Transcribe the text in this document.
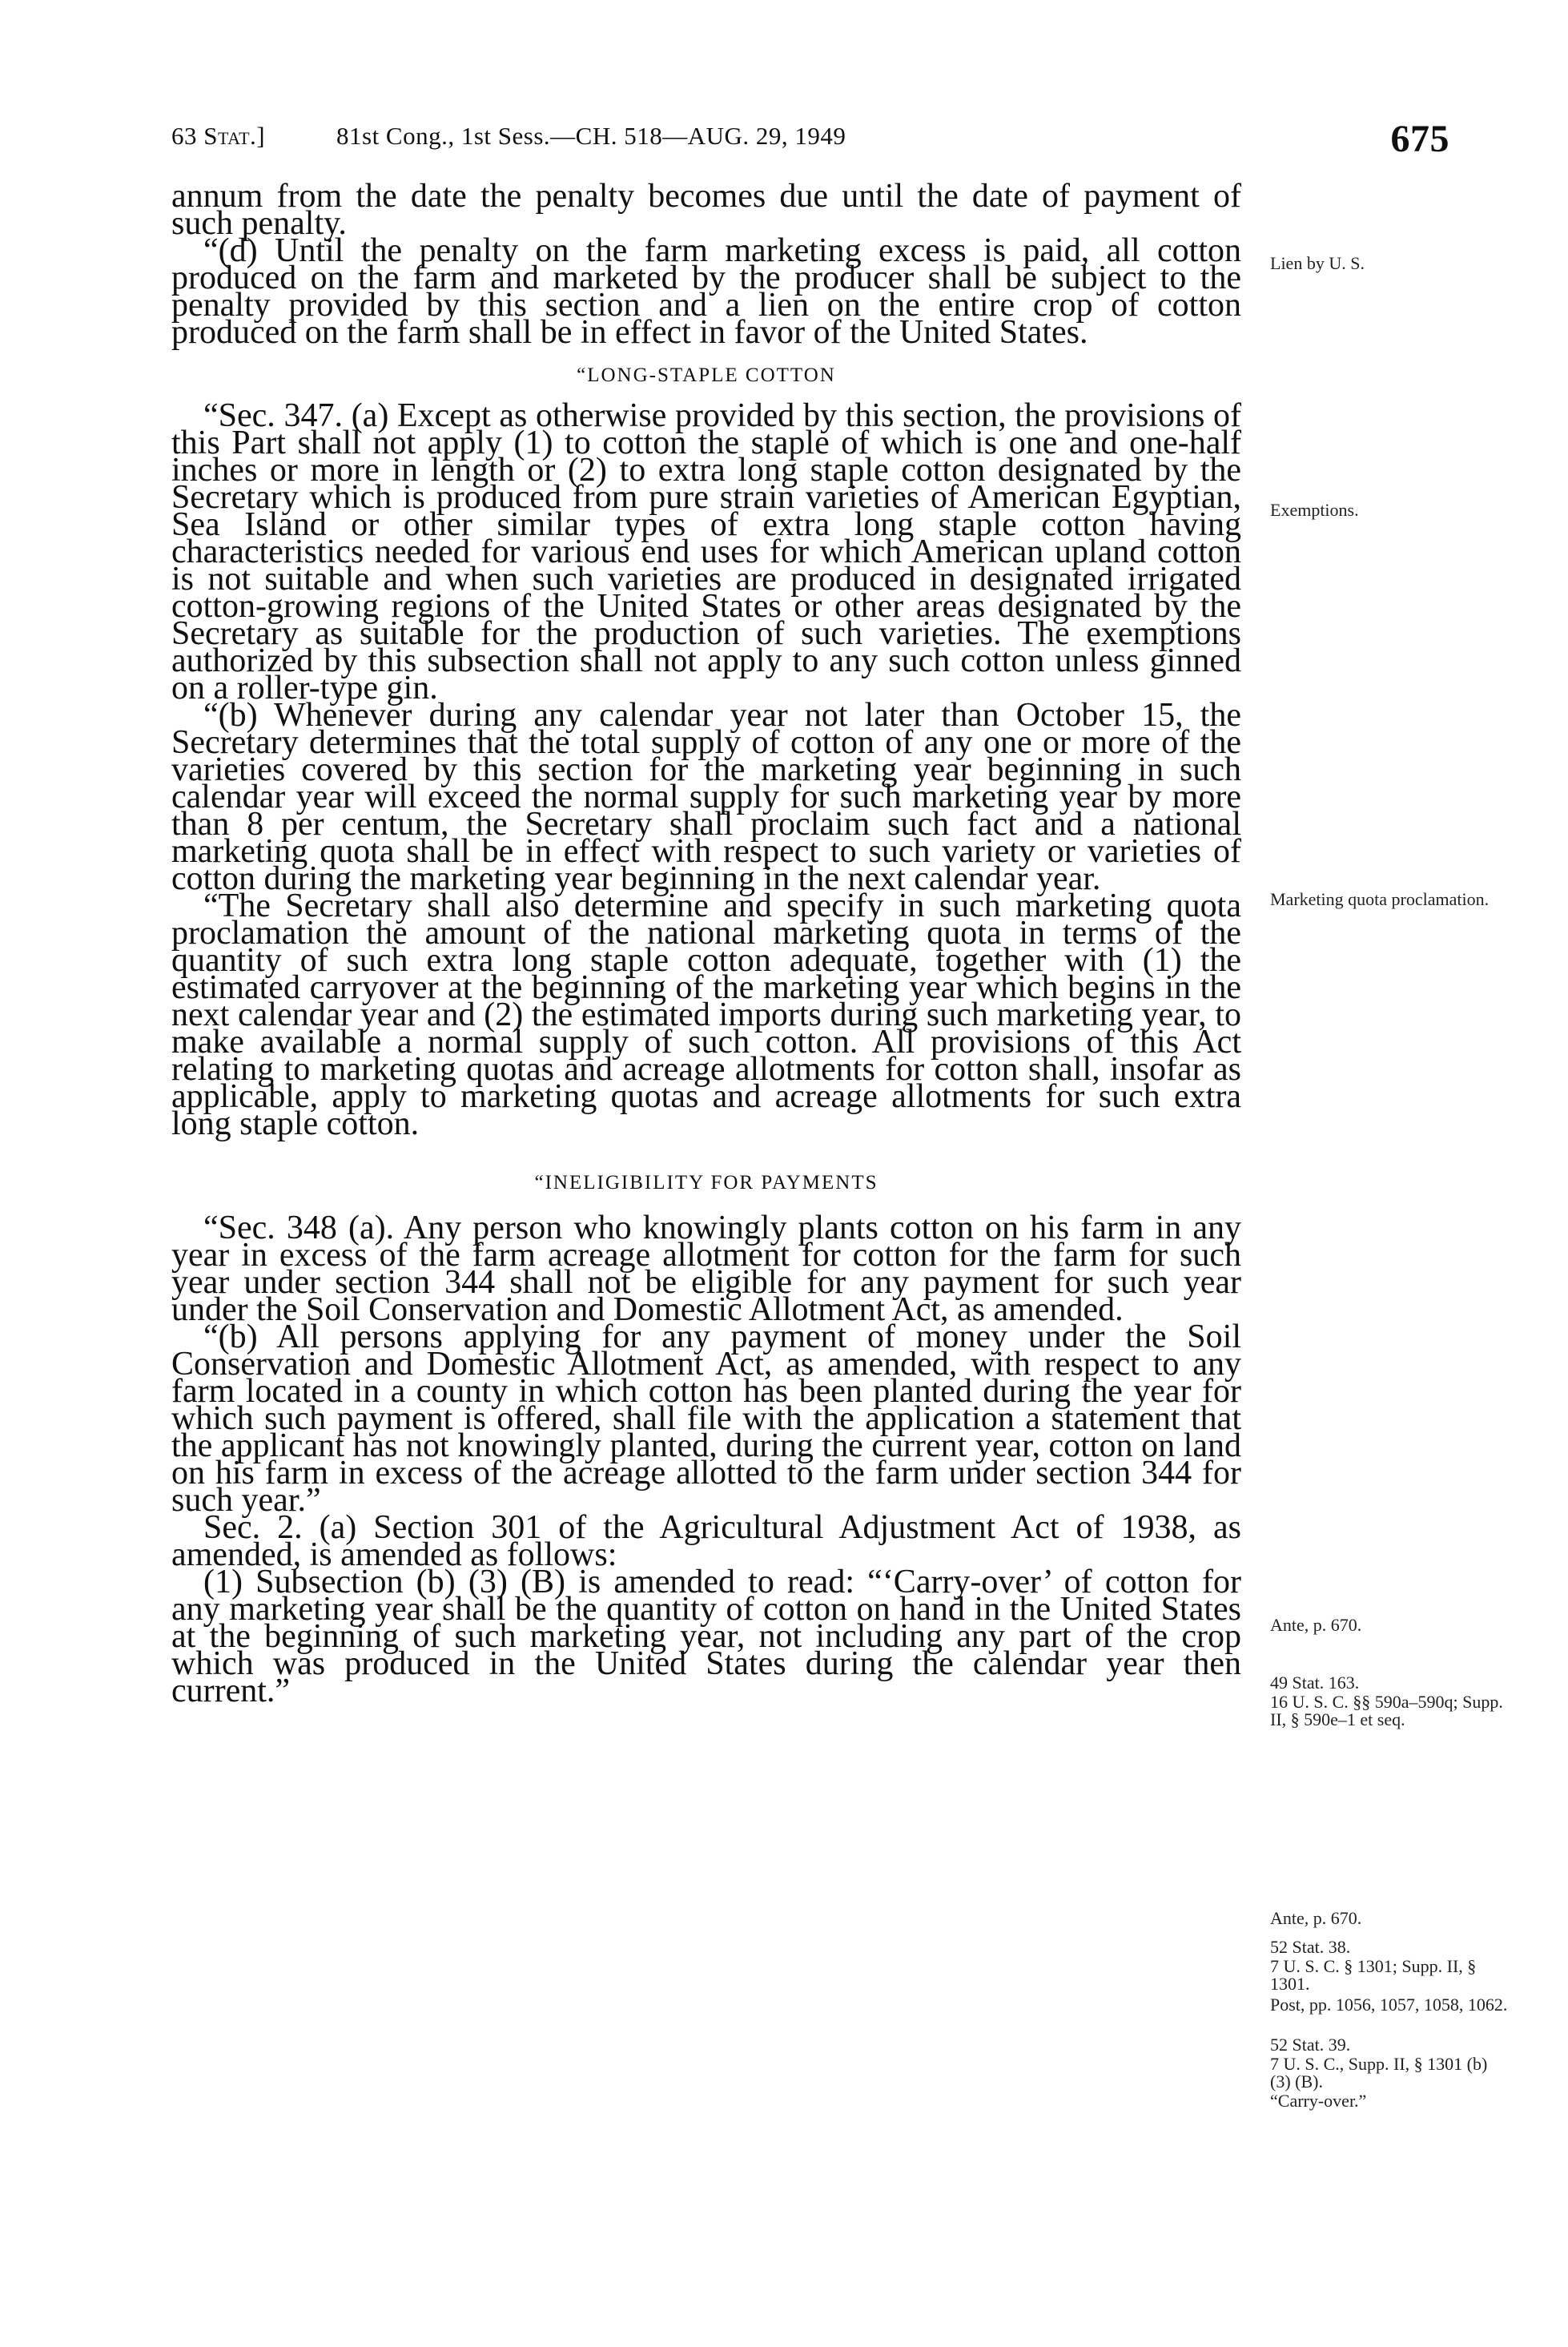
63 Stat.]	81st Cong., 1st Sess.—CH. 518—AUG. 29, 1949	675

annum from the date the penalty becomes due until the date of payment of such penalty.

“(d) Until the penalty on the farm marketing excess is paid, all cotton produced on the farm and marketed by the producer shall be subject to the penalty provided by this section and a lien on the entire crop of cotton produced on the farm shall be in effect in favor of the United States.

“LONG-STAPLE COTTON

“Sec. 347. (a) Except as otherwise provided by this section, the provisions of this Part shall not apply (1) to cotton the staple of which is one and one-half inches or more in length or (2) to extra long staple cotton designated by the Secretary which is produced from pure strain varieties of American Egyptian, Sea Island or other similar types of extra long staple cotton having characteristics needed for various end uses for which American upland cotton is not suitable and when such varieties are produced in designated irrigated cotton-growing regions of the United States or other areas designated by the Secretary as suitable for the production of such varieties. The exemptions authorized by this subsection shall not apply to any such cotton unless ginned on a roller-type gin.

“(b) Whenever during any calendar year not later than October 15, the Secretary determines that the total supply of cotton of any one or more of the varieties covered by this section for the marketing year beginning in such calendar year will exceed the normal supply for such marketing year by more than 8 per centum, the Secretary shall proclaim such fact and a national marketing quota shall be in effect with respect to such variety or varieties of cotton during the marketing year beginning in the next calendar year.

“The Secretary shall also determine and specify in such marketing quota proclamation the amount of the national marketing quota in terms of the quantity of such extra long staple cotton adequate, together with (1) the estimated carryover at the beginning of the marketing year which begins in the next calendar year and (2) the estimated imports during such marketing year, to make available a normal supply of such cotton. All provisions of this Act relating to marketing quotas and acreage allotments for cotton shall, insofar as applicable, apply to marketing quotas and acreage allotments for such extra long staple cotton.

“INELIGIBILITY FOR PAYMENTS

“Sec. 348 (a). Any person who knowingly plants cotton on his farm in any year in excess of the farm acreage allotment for cotton for the farm for such year under section 344 shall not be eligible for any payment for such year under the Soil Conservation and Domestic Allotment Act, as amended.

“(b) All persons applying for any payment of money under the Soil Conservation and Domestic Allotment Act, as amended, with respect to any farm located in a county in which cotton has been planted during the year for which such payment is offered, shall file with the application a statement that the applicant has not knowingly planted, during the current year, cotton on land on his farm in excess of the acreage allotted to the farm under section 344 for such year.”

Sec. 2. (a) Section 301 of the Agricultural Adjustment Act of 1938, as amended, is amended as follows:

(1) Subsection (b) (3) (B) is amended to read: “‘Carry-over’ of cotton for any marketing year shall be the quantity of cotton on hand in the United States at the beginning of such marketing year, not including any part of the crop which was produced in the United States during the calendar year then current.”

Lien by U. S.
Exemptions.
Marketing quota proclamation.
Ante, p. 670.
49 Stat. 163.
16 U. S. C. §§ 590a–590q; Supp. II, § 590e–1 et seq.
Ante, p. 670.
52 Stat. 38.
7 U. S. C. § 1301; Supp. II, § 1301.
Post, pp. 1056, 1057, 1058, 1062.
52 Stat. 39.
7 U. S. C., Supp. II, § 1301 (b) (3) (B).
“Carry-over.”
